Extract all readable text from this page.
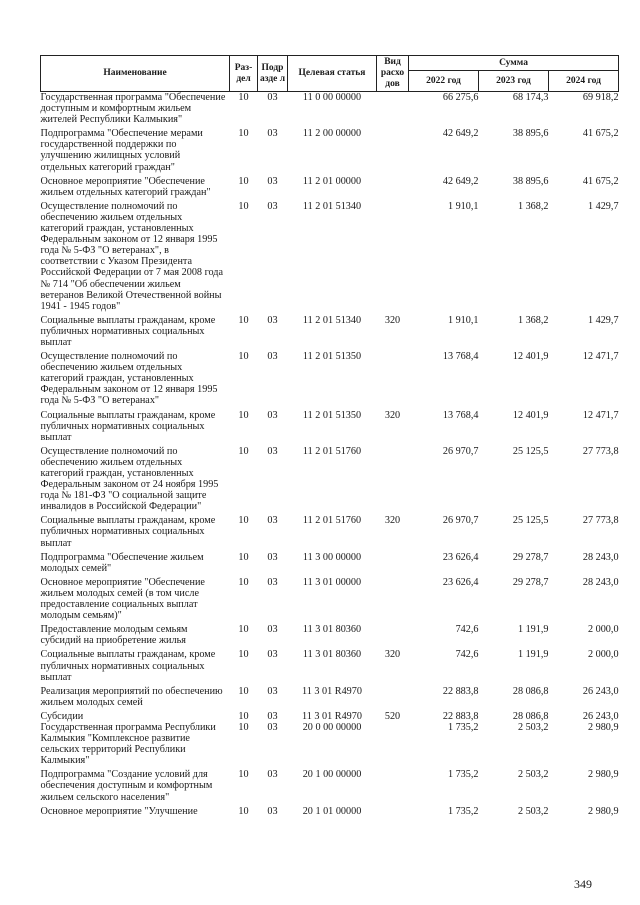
Наименование	Раз-дел	Подр азде л	Целевая статья	Вид расхо дов	Сумма		
					2022 год	2023 год	2024 год
Государственная программа "Обеспечение доступным и комфортным жильем жителей Республики Калмыкия"	10	03	11 0 00 00000		66 275,6	68 174,3	69 918,2
Подпрограмма "Обеспечение мерами государственной поддержки по улучшению жилищных условий отдельных категорий граждан"	10	03	11 2 00 00000		42 649,2	38 895,6	41 675,2
Основное мероприятие "Обеспечение жильем отдельных категорий граждан"	10	03	11 2 01 00000		42 649,2	38 895,6	41 675,2
Осуществление полномочий по обеспечению жильем отдельных категорий граждан, установленных Федеральным законом от 12 января 1995 года № 5-ФЗ "О ветеранах", в соответствии с Указом Президента Российской Федерации от 7 мая 2008 года № 714 "Об обеспечении жильем ветеранов Великой Отечественной войны 1941 - 1945 годов"	10	03	11 2 01 51340		1 910,1	1 368,2	1 429,7
Социальные выплаты гражданам, кроме публичных нормативных социальных выплат	10	03	11 2 01 51340	320	1 910,1	1 368,2	1 429,7
Осуществление полномочий по обеспечению жильем отдельных категорий граждан, установленных Федеральным законом от 12 января 1995 года № 5-ФЗ "О ветеранах"	10	03	11 2 01 51350		13 768,4	12 401,9	12 471,7
Социальные выплаты гражданам, кроме публичных нормативных социальных выплат	10	03	11 2 01 51350	320	13 768,4	12 401,9	12 471,7
Осуществление полномочий по обеспечению жильем отдельных категорий граждан, установленных Федеральным законом от 24 ноября 1995 года № 181-ФЗ "О социальной защите инвалидов в Российской Федерации"	10	03	11 2 01 51760		26 970,7	25 125,5	27 773,8
Социальные выплаты гражданам, кроме публичных нормативных социальных выплат	10	03	11 2 01 51760	320	26 970,7	25 125,5	27 773,8
Подпрограмма "Обеспечение жильем молодых семей"	10	03	11 3 00 00000		23 626,4	29 278,7	28 243,0
Основное мероприятие "Обеспечение жильем молодых семей (в том числе предоставление социальных выплат молодым семьям)"	10	03	11 3 01 00000		23 626,4	29 278,7	28 243,0
Предоставление молодым семьям субсидий на приобретение жилья	10	03	11 3 01 80360		742,6	1 191,9	2 000,0
Социальные выплаты гражданам, кроме публичных нормативных социальных выплат	10	03	11 3 01 80360	320	742,6	1 191,9	2 000,0
Реализация мероприятий по обеспечению жильем молодых семей	10	03	11 3 01 R4970		22 883,8	28 086,8	26 243,0
Субсидии	10	03	11 3 01 R4970	520	22 883,8	28 086,8	26 243,0
Государственная программа Республики Калмыкия "Комплексное развитие сельских территорий Республики Калмыкия"	10	03	20 0 00 00000		1 735,2	2 503,2	2 980,9
Подпрограмма "Создание условий для обеспечения доступным и комфортным жильем сельского населения"	10	03	20 1 00 00000		1 735,2	2 503,2	2 980,9
Основное мероприятие "Улучшение	10	03	20 1 01 00000		1 735,2	2 503,2	2 980,9
349
